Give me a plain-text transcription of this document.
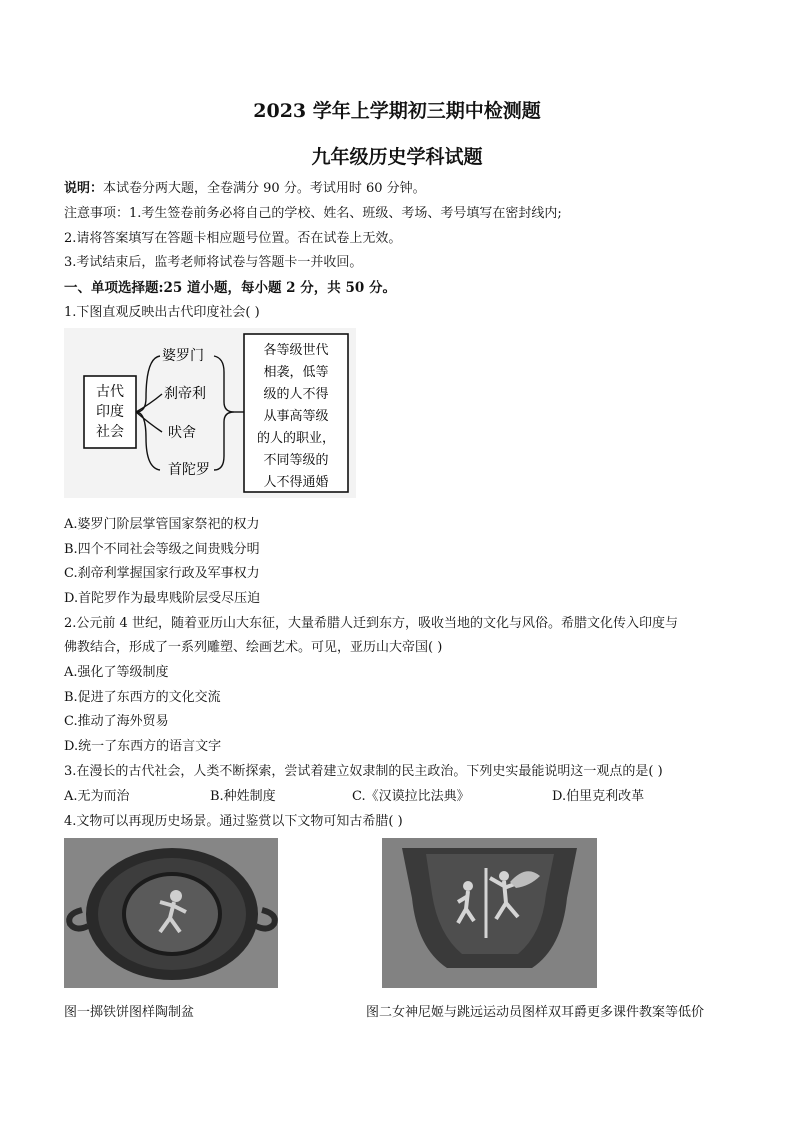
2023 学年上学期初三期中检测题
九年级历史学科试题
说明：本试卷分两大题，全卷满分 90 分。考试用时 60 分钟。
注意事项：1.考生签卷前务必将自己的学校、姓名、班级、考场、考号填写在密封线内;
2.请将答案填写在答题卡相应题号位置。否在试卷上无效。
3.考试结束后，监考老师将试卷与答题卡一并收回。
一、单项选择题:25 道小题，每小题 2 分，共 50 分。
1.下图直观反映出古代印度社会( )
古代
印度
社会
婆罗门
刹帝利
吠舍
首陀罗
各等级世代
相袭，低等
级的人不得
从事高等级
的人的职业，
不同等级的
人不得通婚
A.婆罗门阶层掌管国家祭祀的权力
B.四个不同社会等级之间贵贱分明
C.刹帝利掌握国家行政及军事权力
D.首陀罗作为最卑贱阶层受尽压迫
2.公元前 4 世纪，随着亚历山大东征，大量希腊人迁到东方，吸收当地的文化与风俗。希腊文化传入印度与
佛教结合，形成了一系列雕塑、绘画艺术。可见，亚历山大帝国( )
A.强化了等级制度
B.促进了东西方的文化交流
C.推动了海外贸易
D.统一了东西方的语言文字
3.在漫长的古代社会，人类不断探索，尝试着建立奴隶制的民主政治。下列史实最能说明这一观点的是( )
A.无为而治	B.种姓制度	C.《汉谟拉比法典》	D.伯里克利改革
4.文物可以再现历史场景。通过鉴赏以下文物可知古希腊( )
图一掷铁饼图样陶制盆	图二女神尼姬与跳远运动员图样双耳爵更多课件教案等低价
